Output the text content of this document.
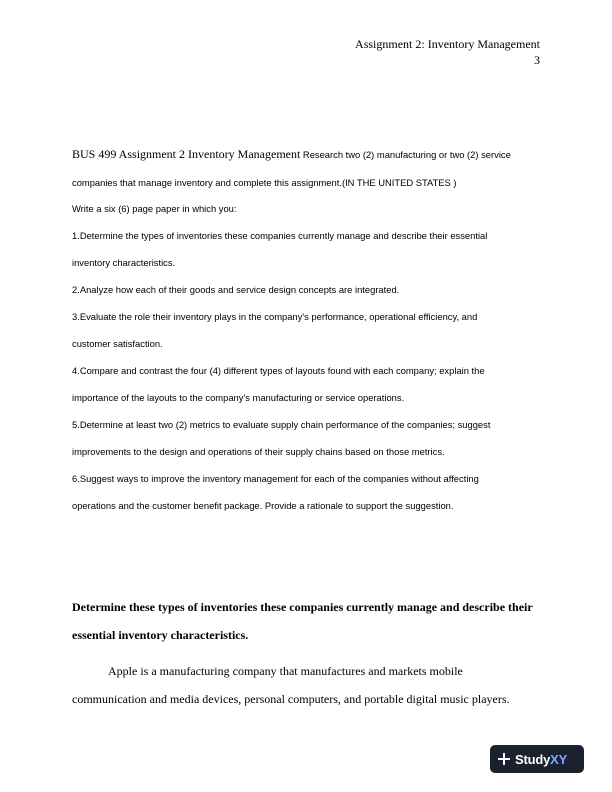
Assignment 2: Inventory Management
3
BUS 499 Assignment 2 Inventory Management Research two (2) manufacturing or two (2) service
companies that manage inventory and complete this assignment.(IN THE UNITED STATES )
Write a six (6) page paper in which you:
1.Determine the types of inventories these companies currently manage and describe their essential
inventory characteristics.
2.Analyze how each of their goods and service design concepts are integrated.
3.Evaluate the role their inventory plays in the company's performance, operational efficiency, and
customer satisfaction.
4.Compare and contrast the four (4) different types of layouts found with each company; explain the
importance of the layouts to the company's manufacturing or service operations.
5.Determine at least two (2) metrics to evaluate supply chain performance of the companies; suggest
improvements to the design and operations of their supply chains based on those metrics.
6.Suggest ways to improve the inventory management for each of the companies without affecting
operations and the customer benefit package. Provide a rationale to support the suggestion.
Determine these types of inventories these companies currently manage and describe their
essential inventory characteristics.
Apple is a manufacturing company that manufactures and markets mobile
communication and media devices, personal computers, and portable digital music players.
StudyXY
